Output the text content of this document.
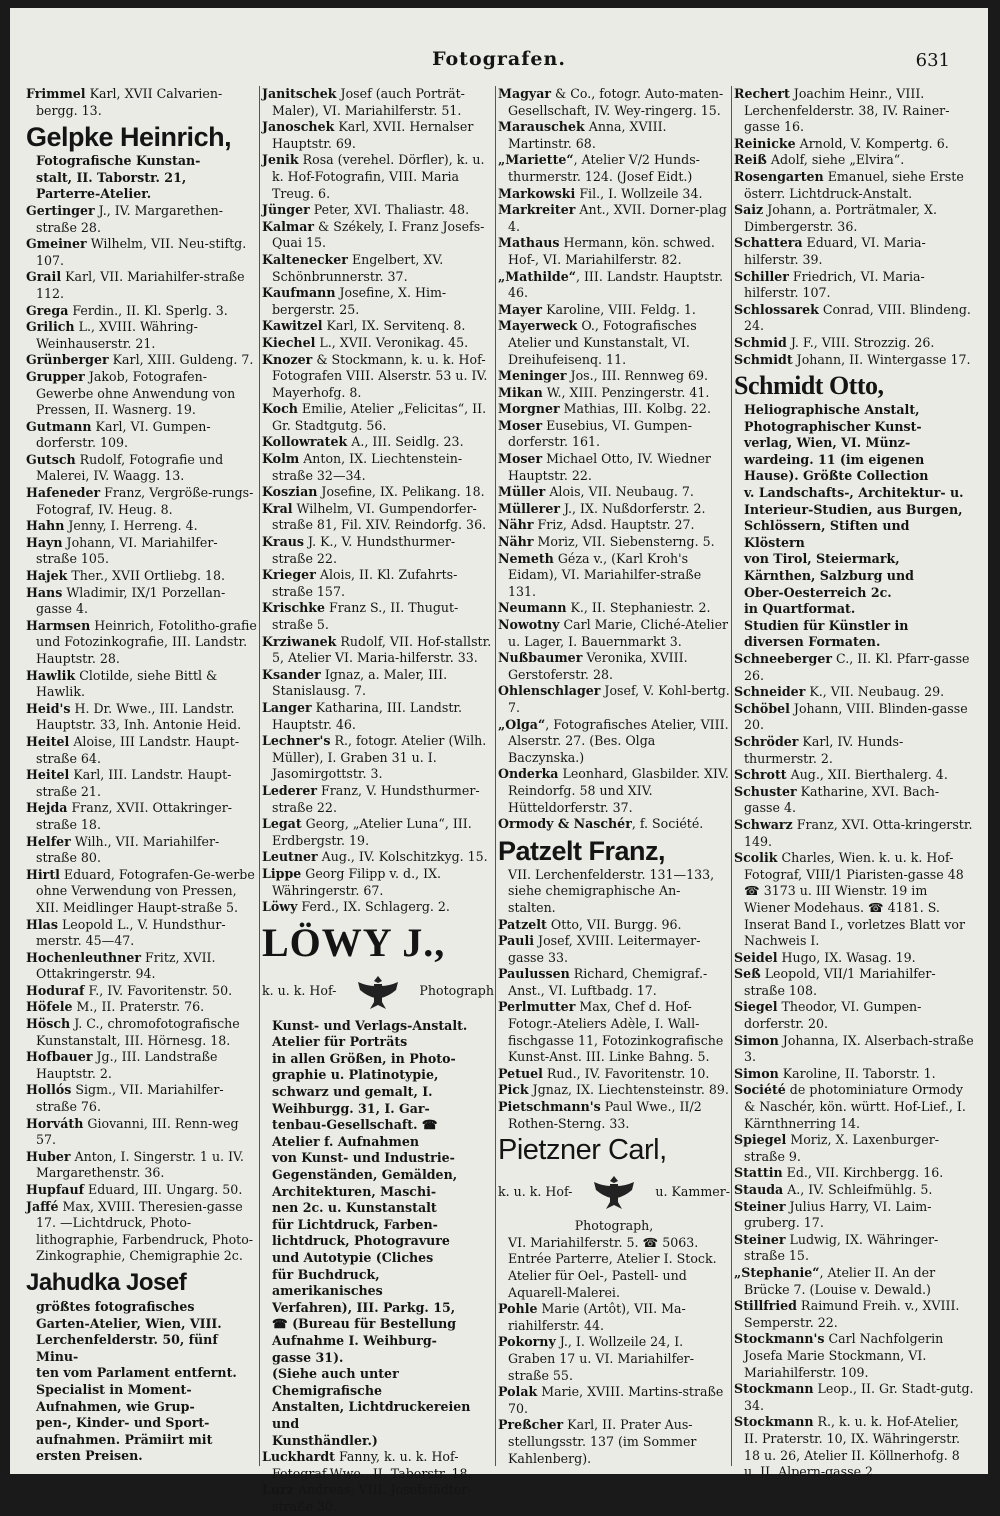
Fotografen.	631

Frimmel Karl, XVII Calvarien-bergg. 13.

Gelpke Heinrich,

Fotografische Kunstan-

stalt, II. Taborstr. 21,

Parterre-Atelier.

Gertinger J., IV. Margarethen-straße 28.

Gmeiner Wilhelm, VII. Neu-stiftg. 107.

Grail Karl, VII. Mariahilfer-straße 112.

Grega Ferdin., II. Kl. Sperlg. 3.

Grilich L., XVIII. Währing-Weinhauserstr. 21.

Grünberger Karl, XIII. Guldeng. 7.

Grupper Jakob, Fotografen-Gewerbe ohne Anwendung von Pressen, II. Wasnerg. 19.

Gutmann Karl, VI. Gumpen-dorferstr. 109.

Gutsch Rudolf, Fotografie und Malerei, IV. Waagg. 13.

Hafeneder Franz, Vergröße-rungs-Fotograf, IV. Heug. 8.

Hahn Jenny, I. Herreng. 4.

Hayn Johann, VI. Mariahilfer-straße 105.

Hajek Ther., XVII Ortliebg. 18.

Hans Wladimir, IX/1 Porzellan-gasse 4.

Harmsen Heinrich, Fotolitho-grafie und Fotozinkografie, III. Landstr. Hauptstr. 28.

Hawlik Clotilde, siehe Bittl & Hawlik.

Heid's H. Dr. Wwe., III. Landstr. Hauptstr. 33, Inh. Antonie Heid.

Heitel Aloise, III Landstr. Haupt-straße 64.

Heitel Karl, III. Landstr. Haupt-straße 21.

Hejda Franz, XVII. Ottakringer-straße 18.

Helfer Wilh., VII. Mariahilfer-straße 80.

Hirtl Eduard, Fotografen-Ge-werbe ohne Verwendung von Pressen, XII. Meidlinger Haupt-straße 5.

Hlas Leopold L., V. Hundsthur-merstr. 45—47.

Hochenleuthner Fritz, XVII. Ottakringerstr. 94.

Hoduraf F., IV. Favoritenstr. 50.

Höfele M., II. Praterstr. 76.

Hösch J. C., chromofotografische Kunstanstalt, III. Hörnesg. 18.

Hofbauer Jg., III. Landstraße Hauptstr. 2.

Hollós Sigm., VII. Mariahilfer-straße 76.

Horváth Giovanni, III. Renn-weg 57.

Huber Anton, I. Singerstr. 1 u. IV. Margarethenstr. 36.

Hupfauf Eduard, III. Ungarg. 50.

Jaffé Max, XVIII. Theresien-gasse 17. —Lichtdruck, Photo-lithographie, Farbendruck, Photo-Zinkographie, Chemigraphie 2c.

Jahudka Josef

größtes fotografisches

Garten-Atelier, Wien, VIII.

Lerchenfelderstr. 50, fünf Minu-

ten vom Parlament entfernt.

Specialist in Moment-

Aufnahmen, wie Grup-

pen-, Kinder- und Sport-

aufnahmen. Prämiirt mit

ersten Preisen.

Janitschek Josef (auch Porträt-Maler), VI. Mariahilferstr. 51.

Janoschek Karl, XVII. Hernalser Hauptstr. 69.

Jenik Rosa (verehel. Dörfler), k. u. k. Hof-Fotografin, VIII. Maria Treug. 6.

Jünger Peter, XVI. Thaliastr. 48.

Kalmar & Székely, I. Franz Josefs-Quai 15.

Kaltenecker Engelbert, XV. Schönbrunnerstr. 37.

Kaufmann Josefine, X. Him-bergerstr. 25.

Kawitzel Karl, IX. Servitenq. 8.

Kiechel L., XVII. Veronikag. 45.

Knozer & Stockmann, k. u. k. Hof-Fotografen VIII. Alserstr. 53 u. IV. Mayerhofg. 8.

Koch Emilie, Atelier „Felicitas“, II. Gr. Stadtgutg. 56.

Kollowratek A., III. Seidlg. 23.

Kolm Anton, IX. Liechtenstein-straße 32—34.

Koszian Josefine, IX. Pelikang. 18.

Kral Wilhelm, VI. Gumpendorfer-straße 81, Fil. XIV. Reindorfg. 36.

Kraus J. K., V. Hundsthurmer-straße 22.

Krieger Alois, II. Kl. Zufahrts-straße 157.

Krischke Franz S., II. Thugut-straße 5.

Krziwanek Rudolf, VII. Hof-stallstr. 5, Atelier VI. Maria-hilferstr. 33.

Ksander Ignaz, a. Maler, III. Stanislausg. 7.

Langer Katharina, III. Landstr. Hauptstr. 46.

Lechner's R., fotogr. Atelier (Wilh. Müller), I. Graben 31 u. I. Jasomirgottstr. 3.

Lederer Franz, V. Hundsthurmer-straße 22.

Legat Georg, „Atelier Luna“, III. Erdbergstr. 19.

Leutner Aug., IV. Kolschitzkyg. 15.

Lippe Georg Filipp v. d., IX. Währingerstr. 67.

Löwy Ferd., IX. Schlagerg. 2.

LÖWY J.,

k. u. k. Hof-	Photograph

Kunst- und Verlags-Anstalt.

Atelier für Porträts

in allen Größen, in Photo-

graphie u. Platinotypie,

schwarz und gemalt, I.

Weihburgg. 31, I. Gar-

tenbau-Gesellschaft. ☎

Atelier f. Aufnahmen

von Kunst- und Industrie-

Gegenständen, Gemälden,

Architekturen, Maschi-

nen 2c. u. Kunstanstalt

für Lichtdruck, Farben-

lichtdruck, Photogravure

und Autotypie (Cliches

für Buchdruck, amerikanisches

Verfahren), III. Parkg. 15,

☎ (Bureau für Bestellung

Aufnahme I. Weihburg-

gasse 31).

(Siehe auch unter Chemigrafische

Anstalten, Lichtdruckereien und

Kunsthändler.)

Luckhardt Fanny, k. u. k. Hof-Fotograf-Wwe., II. Taborstr. 18.

Lurz Andreas, VIII. Josefstädter-straße 30.

Magyar & Co., fotogr. Auto-maten-Gesellschaft, IV. Wey-ringerg. 15.

Marauschek Anna, XVIII. Martinstr. 68.

„Mariette“, Atelier V/2 Hunds-thurmerstr. 124. (Josef Eidt.)

Markowski Fil., I. Wollzeile 34.

Markreiter Ant., XVII. Dorner-plag 4.

Mathaus Hermann, kön. schwed. Hof-, VI. Mariahilferstr. 82.

„Mathilde“, III. Landstr. Hauptstr. 46.

Mayer Karoline, VIII. Feldg. 1.

Mayerweck O., Fotografisches Atelier und Kunstanstalt, VI. Dreihufeisenq. 11.

Meninger Jos., III. Rennweg 69.

Mikan W., XIII. Penzingerstr. 41.

Morgner Mathias, III. Kolbg. 22.

Moser Eusebius, VI. Gumpen-dorferstr. 161.

Moser Michael Otto, IV. Wiedner Hauptstr. 22.

Müller Alois, VII. Neubaug. 7.

Müllerer J., IX. Nußdorferstr. 2.

Nähr Friz, Adsd. Hauptstr. 27.

Nähr Moriz, VII. Siebensterng. 5.

Nemeth Géza v., (Karl Kroh's Eidam), VI. Mariahilfer-straße 131.

Neumann K., II. Stephaniestr. 2.

Nowotny Carl Marie, Cliché-Atelier u. Lager, I. Bauernmarkt 3.

Nußbaumer Veronika, XVIII. Gerstoferstr. 28.

Ohlenschlager Josef, V. Kohl-bertg. 7.

„Olga“, Fotografisches Atelier, VIII. Alserstr. 27. (Bes. Olga Baczynska.)

Onderka Leonhard, Glasbilder. XIV. Reindorfg. 58 und XIV. Hütteldorferstr. 37.

Ormody & Naschér, f. Société.

Patzelt Franz,

VII. Lerchenfelderstr. 131—133,

siehe chemigraphische An-

stalten.

Patzelt Otto, VII. Burgg. 96.

Pauli Josef, XVIII. Leitermayer-gasse 33.

Paulussen Richard, Chemigraf.-Anst., VI. Luftbadg. 17.

Perlmutter Max, Chef d. Hof-Fotogr.-Ateliers Adèle, I. Wall-fischgasse 11, Fotozinkografische Kunst-Anst. III. Linke Bahng. 5.

Petuel Rud., IV. Favoritenstr. 10.

Pick Jgnaz, IX. Liechtensteinstr. 89.

Pietschmann's Paul Wwe., II/2 Rothen-Sterng. 33.

Pietzner Carl,

k. u. k. Hof-	u. Kammer-

Photograph,

VI. Mariahilferstr. 5. ☎ 5063.

Entrée Parterre, Atelier I. Stock.

Atelier für Oel-, Pastell- und

Aquarell-Malerei.

Pohle Marie (Artôt), VII. Ma-riahilferstr. 44.

Pokorny J., I. Wollzeile 24, I. Graben 17 u. VI. Mariahilfer-straße 55.

Polak Marie, XVIII. Martins-straße 70.

Preßcher Karl, II. Prater Aus-stellungsstr. 137 (im Sommer Kahlenberg).

Rechert Joachim Heinr., VIII. Lerchenfelderstr. 38, IV. Rainer-gasse 16.

Reinicke Arnold, V. Kompertg. 6.

Reiß Adolf, siehe „Elvira“.

Rosengarten Emanuel, siehe Erste österr. Lichtdruck-Anstalt.

Saiz Johann, a. Porträtmaler, X. Dimbergerstr. 36.

Schattera Eduard, VI. Maria-hilferstr. 39.

Schiller Friedrich, VI. Maria-hilferstr. 107.

Schlossarek Conrad, VIII. Blindeng. 24.

Schmid J. F., VIII. Strozzig. 26.

Schmidt Johann, II. Wintergasse 17.

Schmidt Otto,

Heliographische Anstalt,

Photographischer Kunst-

verlag, Wien, VI. Münz-

wardeing. 11 (im eigenen

Hause). Größte Collection

v. Landschafts-, Architektur- u.

Interieur-Studien, aus Burgen,

Schlössern, Stiften und Klöstern

von Tirol, Steiermark,

Kärnthen, Salzburg und

Ober-Oesterreich 2c.

in Quartformat.

Studien für Künstler in

diversen Formaten.

Schneeberger C., II. Kl. Pfarr-gasse 26.

Schneider K., VII. Neubaug. 29.

Schöbel Johann, VIII. Blinden-gasse 20.

Schröder Karl, IV. Hunds-thurmerstr. 2.

Schrott Aug., XII. Bierthalerg. 4.

Schuster Katharine, XVI. Bach-gasse 4.

Schwarz Franz, XVI. Otta-kringerstr. 149.

Scolik Charles, Wien. k. u. k. Hof-Fotograf, VIII/1 Piaristen-gasse 48 ☎ 3173 u. III Wienstr. 19 im Wiener Modehaus. ☎ 4181. S. Inserat Band I., vorletzes Blatt vor Nachweis I.

Seidel Hugo, IX. Wasag. 19.

Seß Leopold, VII/1 Mariahilfer-straße 108.

Siegel Theodor, VI. Gumpen-dorferstr. 20.

Simon Johanna, IX. Alserbach-straße 3.

Simon Karoline, II. Taborstr. 1.

Société de photominiature Ormody & Naschér, kön. württ. Hof-Lief., I. Kärnthnerring 14.

Spiegel Moriz, X. Laxenburger-straße 9.

Stattin Ed., VII. Kirchbergg. 16.

Stauda A., IV. Schleifmühlg. 5.

Steiner Julius Harry, VI. Laim-gruberg. 17.

Steiner Ludwig, IX. Währinger-straße 15.

„Stephanie“, Atelier II. An der Brücke 7. (Louise v. Dewald.)

Stillfried Raimund Freih. v., XVIII. Semperstr. 22.

Stockmann's Carl Nachfolgerin Josefa Marie Stockmann, VI. Mariahilferstr. 109.

Stockmann Leop., II. Gr. Stadt-gutg. 34.

Stockmann R., k. u. k. Hof-Atelier, II. Praterstr. 10, IX. Währingerstr. 18 u. 26, Atelier II. Köllnerhofg. 8 u. II. Alpern-gasse 2.
